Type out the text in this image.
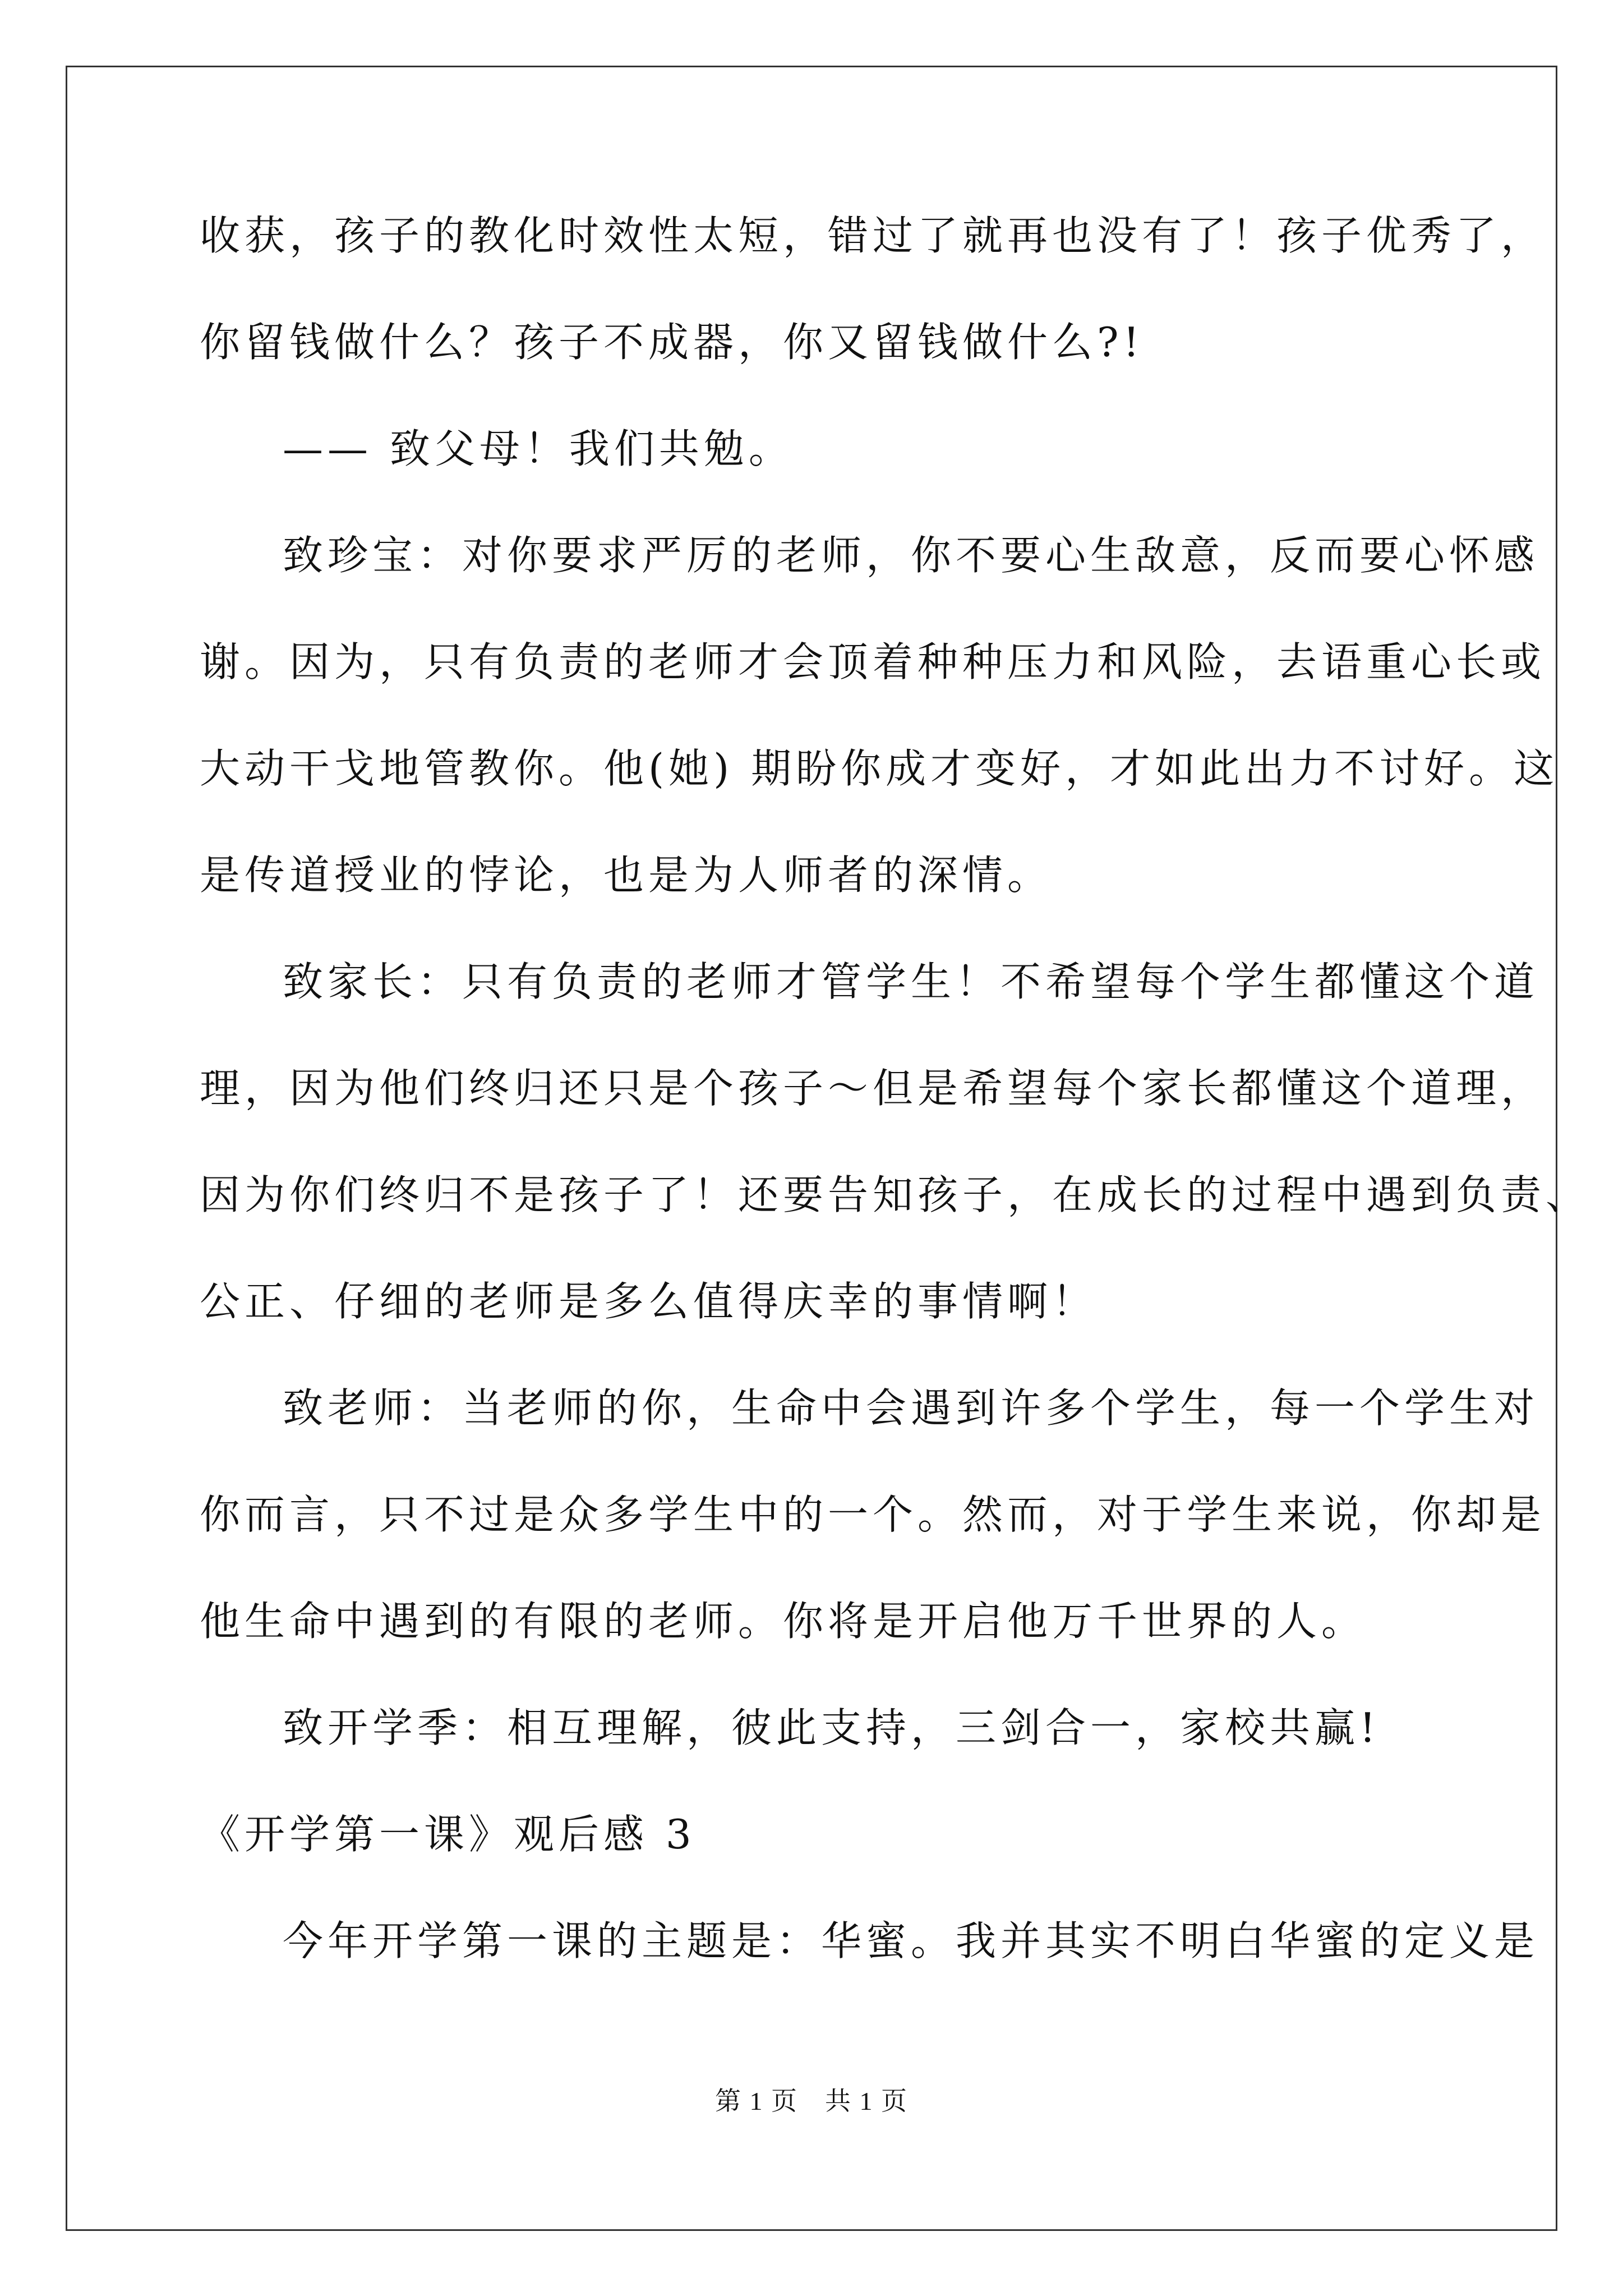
收获，孩子的教化时效性太短，错过了就再也没有了！孩子优秀了，
你留钱做什么？孩子不成器，你又留钱做什么?!
—— 致父母！我们共勉。
致珍宝：对你要求严厉的老师，你不要心生敌意，反而要心怀感
谢。因为，只有负责的老师才会顶着种种压力和风险，去语重心长或
大动干戈地管教你。他(她) 期盼你成才变好，才如此出力不讨好。这
是传道授业的悖论，也是为人师者的深情。
致家长：只有负责的老师才管学生！不希望每个学生都懂这个道
理，因为他们终归还只是个孩子～但是希望每个家长都懂这个道理，
因为你们终归不是孩子了！还要告知孩子，在成长的过程中遇到负责、
公正、仔细的老师是多么值得庆幸的事情啊！
致老师：当老师的你，生命中会遇到许多个学生，每一个学生对
你而言，只不过是众多学生中的一个。然而，对于学生来说，你却是
他生命中遇到的有限的老师。你将是开启他万千世界的人。
致开学季：相互理解，彼此支持，三剑合一，家校共赢!
《开学第一课》观后感 3
今年开学第一课的主题是：华蜜。我并其实不明白华蜜的定义是
第 1 页 共 1 页
